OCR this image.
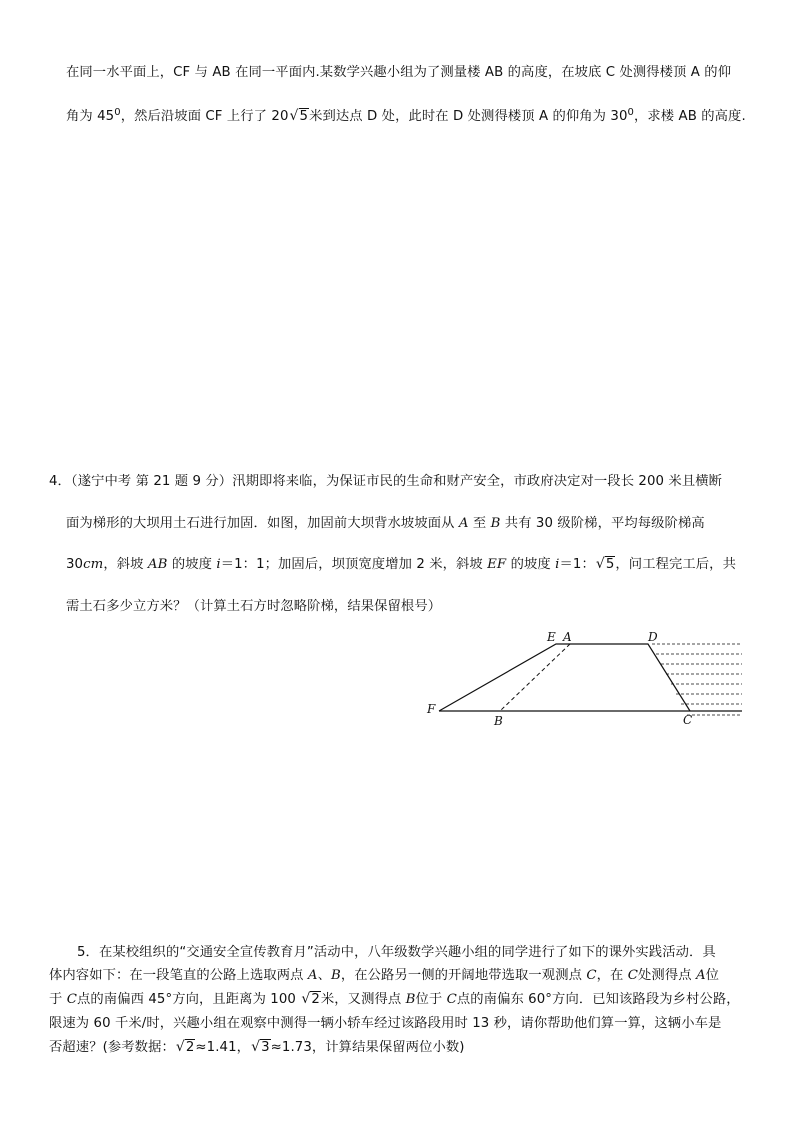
在同一水平面上，CF 与 AB 在同一平面内.某数学兴趣小组为了测量楼 AB 的高度，在坡底 C 处测得楼顶 A 的仰
角为 $45^0$，然后沿坡面 CF 上行了 20 √ 5米到达点 D 处，此时在 D 处测得楼顶 A 的仰角为 $30^0$，求楼 AB 的高度.
4．（遂宁中考 第 21 题 9 分）汛期即将来临，为保证市民的生命和财产安全，市政府决定对一段长 200 米且横断
面为梯形的大坝用土石进行加固．如图，加固前大坝背水坡坡面从 A 至 B 共有 30 级阶梯，平均每级阶梯高
30cm，斜坡 AB 的坡度 i＝1：1；加固后，坝顶宽度增加 2 米，斜坡 EF 的坡度 i＝1： √ 5，问工程完工后，共
需土石多少立方米？（计算土石方时忽略阶梯，结果保留根号）
E A	D
F
B	C
5．在某校组织的“交通安全宣传教育月”活动中，八年级数学兴趣小组的同学进行了如下的课外实践活动．具
体内容如下：在一段笔直的公路上选取两点 A、B，在公路另一侧的开阔地带选取一观测点 C，在 C处测得点 A位
于 C点的南偏西 45°方向，且距离为 100 √ 2米，又测得点 B位于 C点的南偏东 60°方向．已知该路段为乡村公路，
限速为 60 千米/时，兴趣小组在观察中测得一辆小轿车经过该路段用时 13 秒，请你帮助他们算一算，这辆小车是
否超速？(参考数据： √ 2≈1.41， √ 3≈1.73，计算结果保留两位小数)
